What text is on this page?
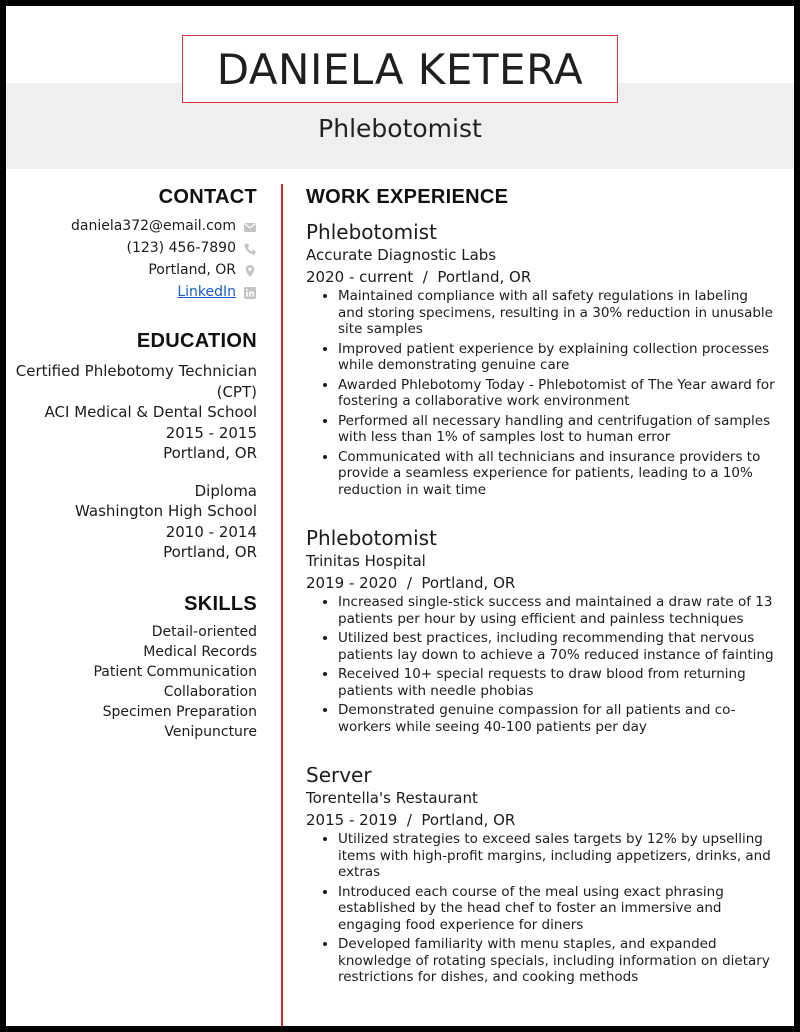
DANIELA KETERA
Phlebotomist
CONTACT
daniela372@email.com
(123) 456-7890
Portland, OR
LinkedIn
EDUCATION
Certified Phlebotomy Technician
(CPT)
ACI Medical & Dental School
2015 - 2015
Portland, OR
Diploma
Washington High School
2010 - 2014
Portland, OR
SKILLS
Detail-oriented
Medical Records
Patient Communication
Collaboration
Specimen Preparation
Venipuncture
WORK EXPERIENCE
Phlebotomist
Accurate Diagnostic Labs
2020 - current  /  Portland, OR
• Maintained compliance with all safety regulations in labeling and storing specimens, resulting in a 30% reduction in unusable site samples
• Improved patient experience by explaining collection processes while demonstrating genuine care
• Awarded Phlebotomy Today - Phlebotomist of The Year award for fostering a collaborative work environment
• Performed all necessary handling and centrifugation of samples with less than 1% of samples lost to human error
• Communicated with all technicians and insurance providers to provide a seamless experience for patients, leading to a 10% reduction in wait time
Phlebotomist
Trinitas Hospital
2019 - 2020  /  Portland, OR
• Increased single-stick success and maintained a draw rate of 13 patients per hour by using efficient and painless techniques
• Utilized best practices, including recommending that nervous patients lay down to achieve a 70% reduced instance of fainting
• Received 10+ special requests to draw blood from returning patients with needle phobias
• Demonstrated genuine compassion for all patients and co-workers while seeing 40-100 patients per day
Server
Torentella's Restaurant
2015 - 2019  /  Portland, OR
• Utilized strategies to exceed sales targets by 12% by upselling items with high-profit margins, including appetizers, drinks, and extras
• Introduced each course of the meal using exact phrasing established by the head chef to foster an immersive and engaging food experience for diners
• Developed familiarity with menu staples, and expanded knowledge of rotating specials, including information on dietary restrictions for dishes, and cooking methods
